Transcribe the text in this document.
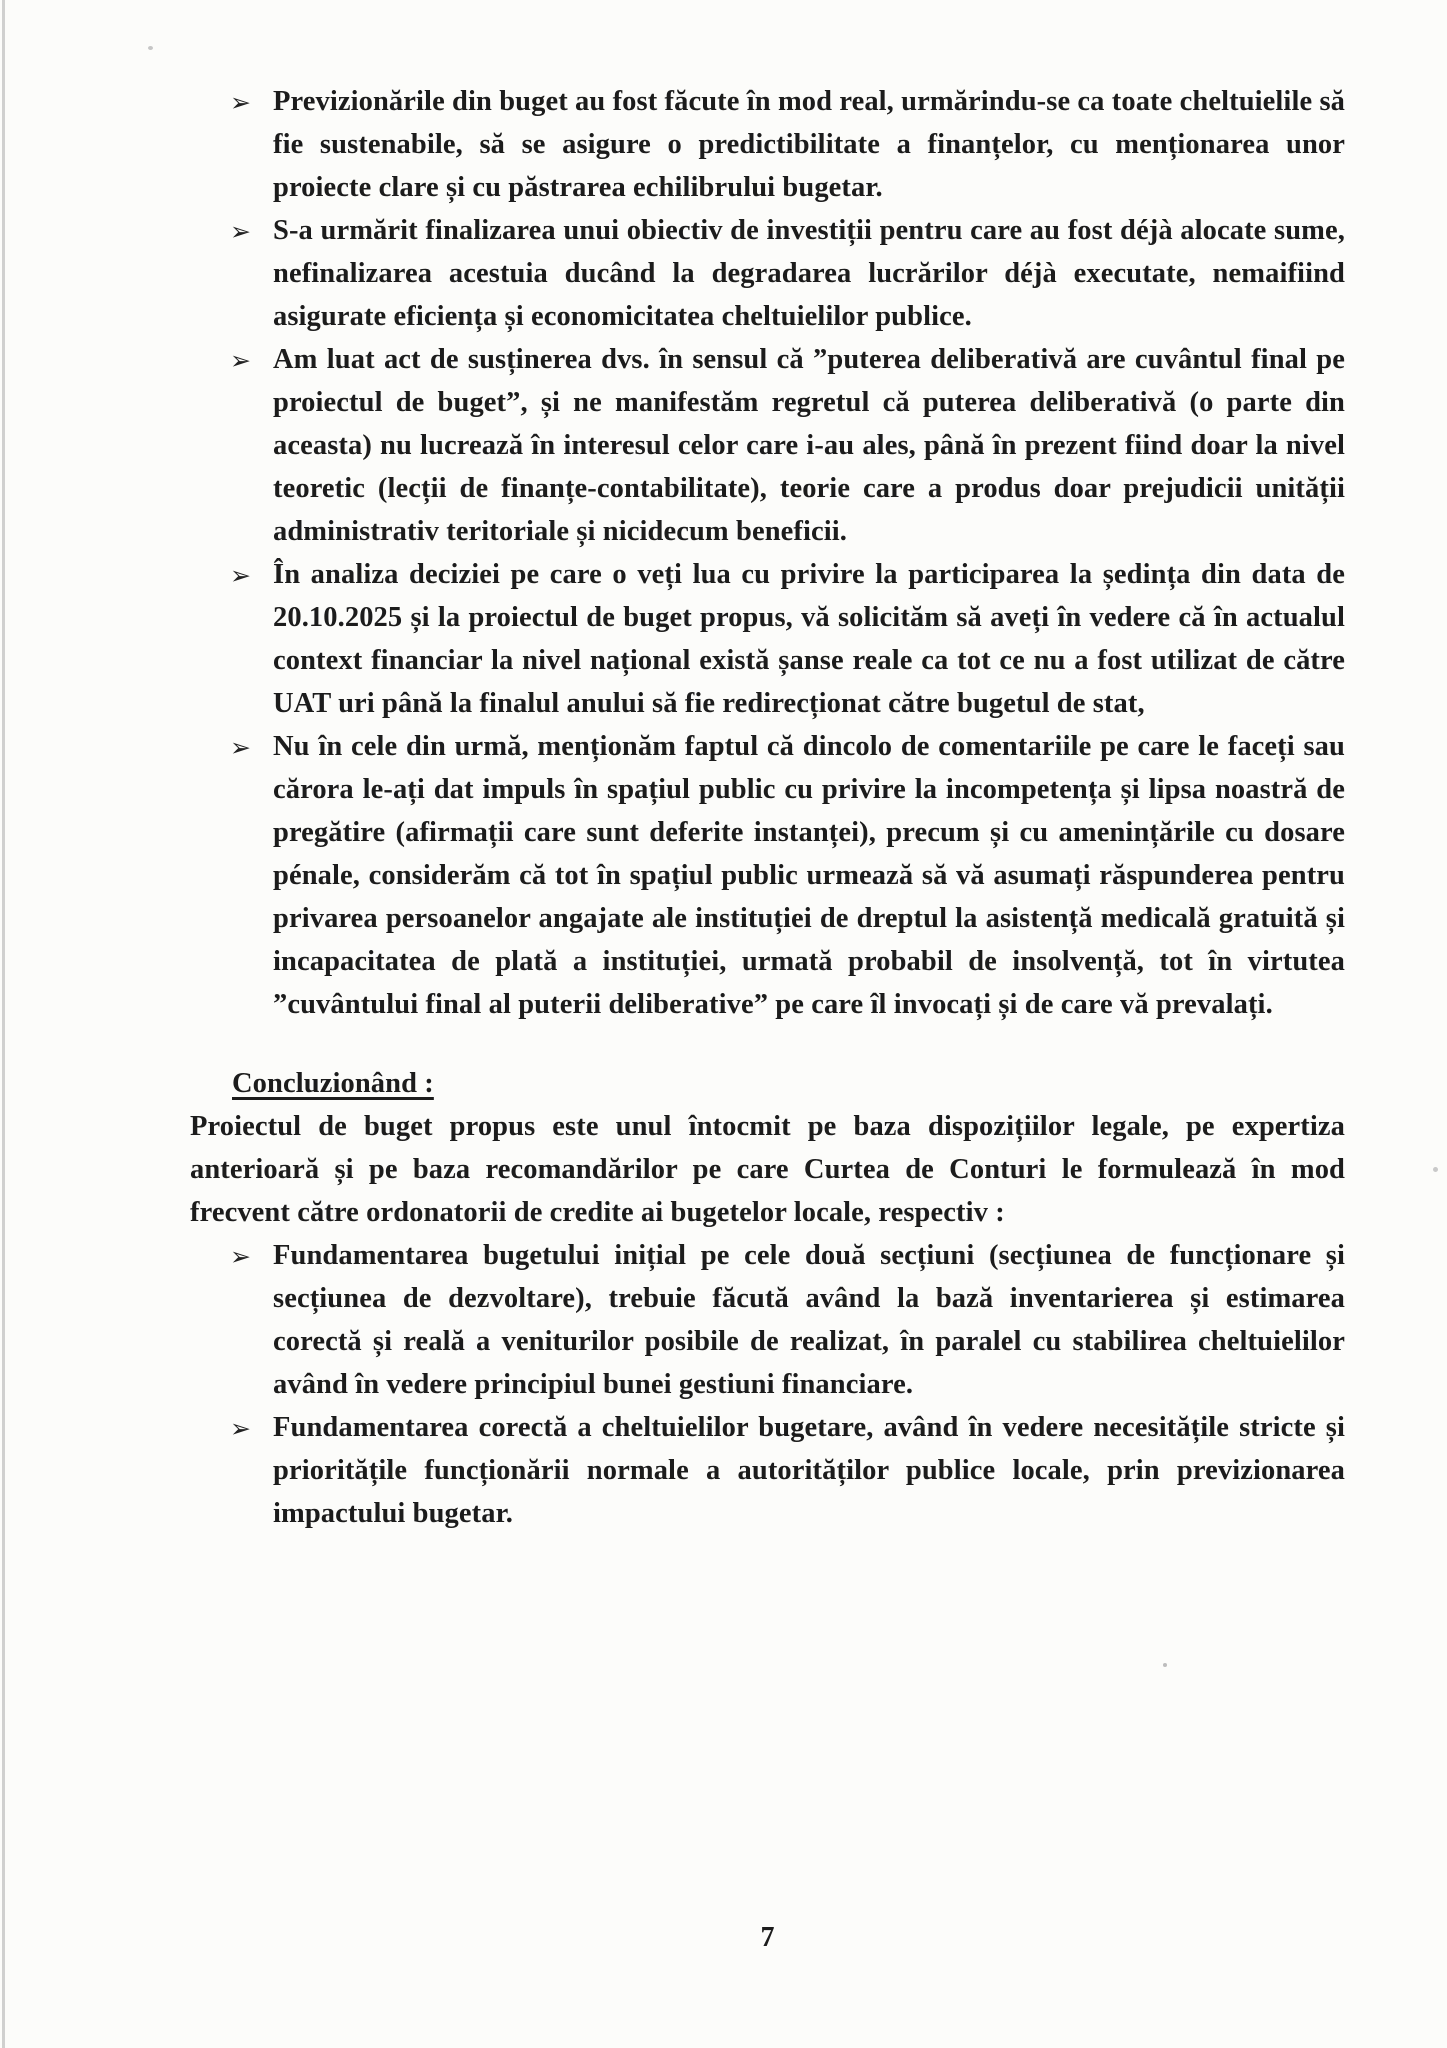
➢ Previzionările din buget au fost făcute în mod real, urmărindu-se ca toate cheltuielile să fie sustenabile, să se asigure o predictibilitate a finanțelor, cu menționarea unor proiecte clare și cu păstrarea echilibrului bugetar.
➢ S-a urmărit finalizarea unui obiectiv de investiții pentru care au fost déjà alocate sume, nefinalizarea acestuia ducând la degradarea lucrărilor déjà executate, nemaifiind asigurate eficiența și economicitatea cheltuielilor publice.
➢ Am luat act de susținerea dvs. în sensul că ”puterea deliberativă are cuvântul final pe proiectul de buget”, și ne manifestăm regretul că puterea deliberativă (o parte din aceasta) nu lucrează în interesul celor care i-au ales, până în prezent fiind doar la nivel teoretic (lecții de finanțe-contabilitate), teorie care a produs doar prejudicii unității administrativ teritoriale și nicidecum beneficii.
➢ În analiza deciziei pe care o veți lua cu privire la participarea la ședința din data de 20.10.2025 și la proiectul de buget propus, vă solicităm să aveți în vedere că în actualul context financiar la nivel național există șanse reale ca tot ce nu a fost utilizat de către UAT uri până la finalul anului să fie redirecționat către bugetul de stat,
➢ Nu în cele din urmă, menționăm faptul că dincolo de comentariile pe care le faceți sau cărora le-ați dat impuls în spațiul public cu privire la incompetența și lipsa noastră de pregătire (afirmații care sunt deferite instanței), precum și cu amenințările cu dosare pénale, considerăm că tot în spațiul public urmează să vă asumați răspunderea pentru privarea persoanelor angajate ale instituției de dreptul la asistență medicală gratuită și incapacitatea de plată a instituției, urmată probabil de insolvență, tot în virtutea ”cuvântului final al puterii deliberative” pe care îl invocați și de care vă prevalați.
Concluzionând :

Proiectul de buget propus este unul întocmit pe baza dispozițiilor legale, pe expertiza anterioară și pe baza recomandărilor pe care Curtea de Conturi le formulează în mod frecvent către ordonatorii de credite ai bugetelor locale, respectiv :

➢ Fundamentarea bugetului inițial pe cele două secțiuni (secțiunea de funcționare și secțiunea de dezvoltare), trebuie făcută având la bază inventarierea și estimarea corectă și reală a veniturilor posibile de realizat, în paralel cu stabilirea cheltuielilor având în vedere principiul bunei gestiuni financiare.
➢ Fundamentarea corectă a cheltuielilor bugetare, având în vedere necesitățile stricte și prioritățile funcționării normale a autorităților publice locale, prin previzionarea impactului bugetar.
7
